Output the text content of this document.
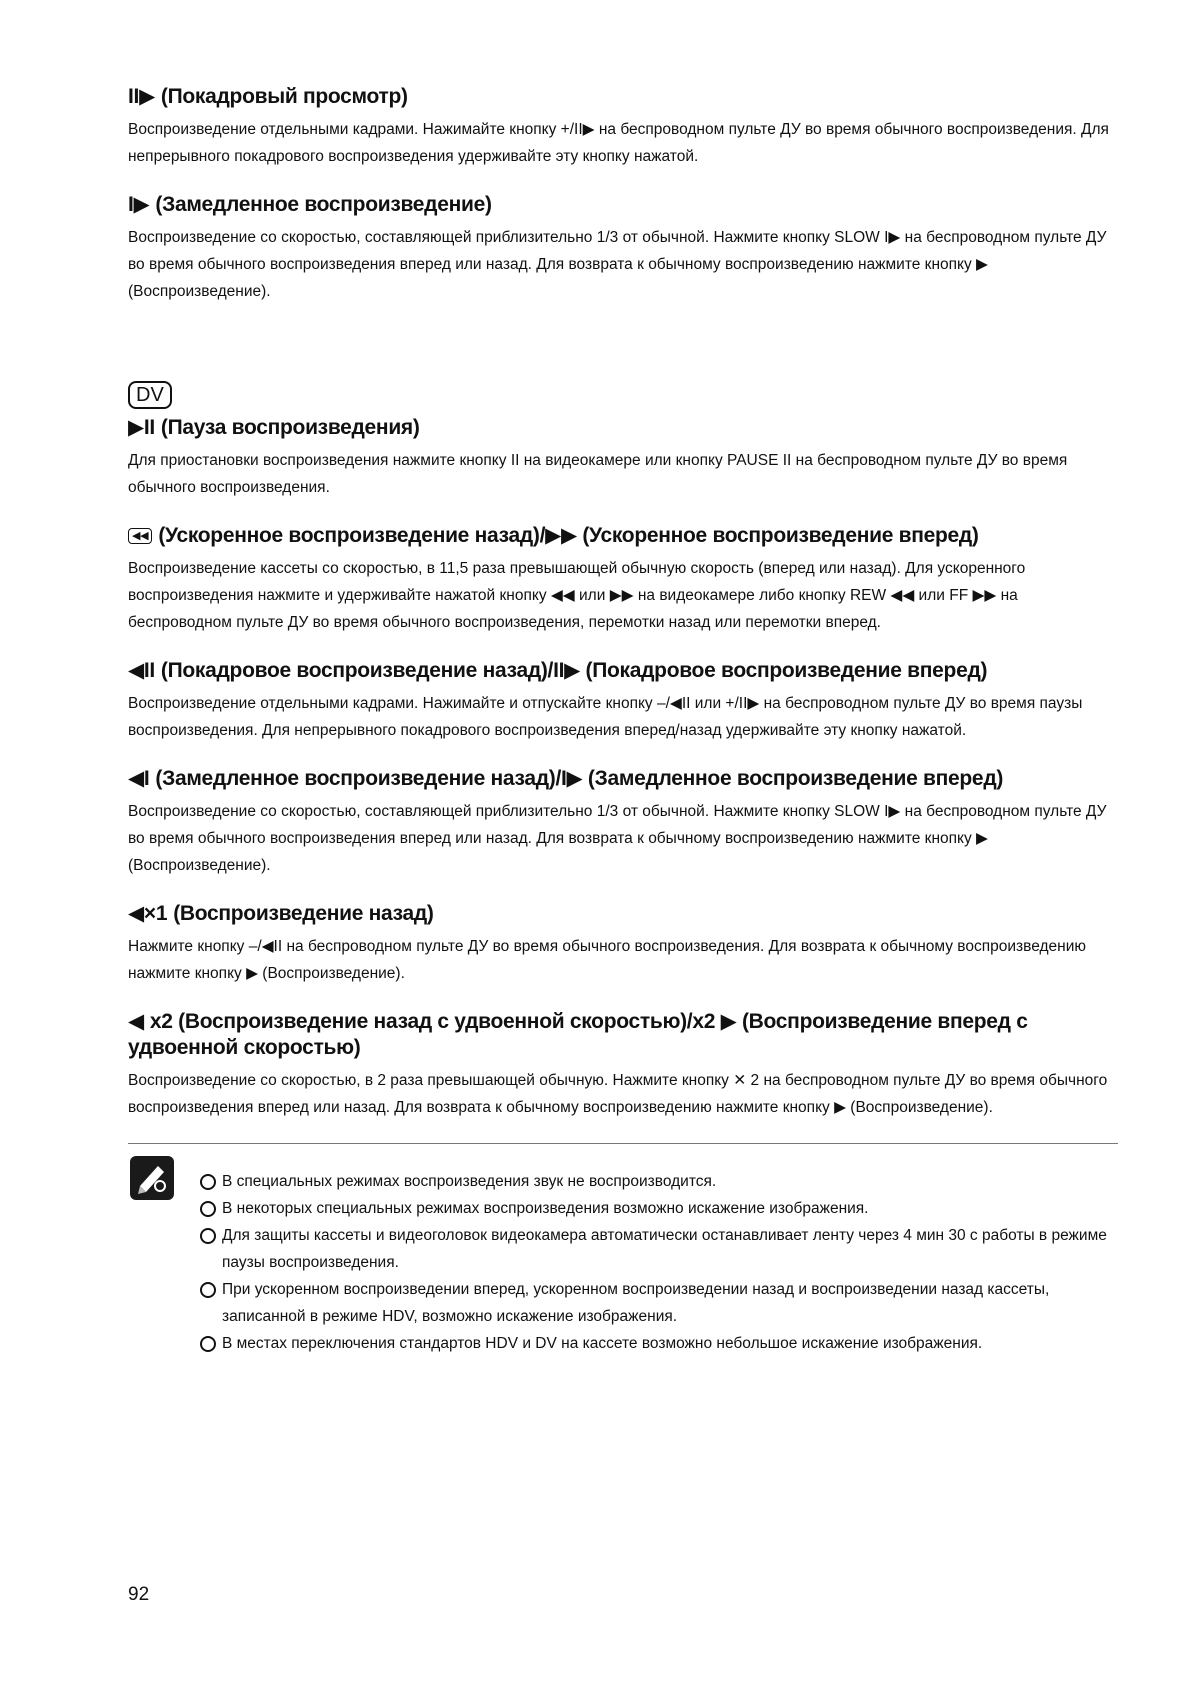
II▶ (Покадровый просмотр)

Воспроизведение отдельными кадрами. Нажимайте кнопку +/II▶ на беспроводном пульте ДУ во время обычного воспроизведения. Для непрерывного покадрового воспроизведения удерживайте эту кнопку нажатой.

I▶ (Замедленное воспроизведение)

Воспроизведение со скоростью, составляющей приблизительно 1/3 от обычной. Нажмите кнопку SLOW I▶ на беспроводном пульте ДУ во время обычного воспроизведения вперед или назад. Для возврата к обычному воспроизведению нажмите кнопку ▶ (Воспроизведение).

DV
▶II (Пауза воспроизведения)

Для приостановки воспроизведения нажмите кнопку II на видеокамере или кнопку PAUSE II на беспроводном пульте ДУ во время обычного воспроизведения.

◀◀ (Ускоренное воспроизведение назад)/▶▶ (Ускоренное воспроизведение вперед)

Воспроизведение кассеты со скоростью, в 11,5 раза превышающей обычную скорость (вперед или назад). Для ускоренного воспроизведения нажмите и удерживайте нажатой кнопку ◀◀ или ▶▶ на видеокамере либо кнопку REW ◀◀ или FF ▶▶ на беспроводном пульте ДУ во время обычного воспроизведения, перемотки назад или перемотки вперед.

◀II (Покадровое воспроизведение назад)/II▶ (Покадровое воспроизведение вперед)

Воспроизведение отдельными кадрами. Нажимайте и отпускайте кнопку –/◀II или +/II▶ на беспроводном пульте ДУ во время паузы воспроизведения. Для непрерывного покадрового воспроизведения вперед/назад удерживайте эту кнопку нажатой.

◀I (Замедленное воспроизведение назад)/I▶ (Замедленное воспроизведение вперед)

Воспроизведение со скоростью, составляющей приблизительно 1/3 от обычной. Нажмите кнопку SLOW I▶ на беспроводном пульте ДУ во время обычного воспроизведения вперед или назад. Для возврата к обычному воспроизведению нажмите кнопку ▶ (Воспроизведение).

◀×1 (Воспроизведение назад)

Нажмите кнопку –/◀II на беспроводном пульте ДУ во время обычного воспроизведения. Для возврата к обычному воспроизведению нажмите кнопку ▶ (Воспроизведение).

◀ x2 (Воспроизведение назад с удвоенной скоростью)/x2 ▶ (Воспроизведение вперед с удвоенной скоростью)

Воспроизведение со скоростью, в 2 раза превышающей обычную. Нажмите кнопку ✕ 2 на беспроводном пульте ДУ во время обычного воспроизведения вперед или назад. Для возврата к обычному воспроизведению нажмите кнопку ▶ (Воспроизведение).

В специальных режимах воспроизведения звук не воспроизводится.
В некоторых специальных режимах воспроизведения возможно искажение изображения.
Для защиты кассеты и видеоголовок видеокамера автоматически останавливает ленту через 4 мин 30 с работы в режиме паузы воспроизведения.
При ускоренном воспроизведении вперед, ускоренном воспроизведении назад и воспроизведении назад кассеты, записанной в режиме HDV, возможно искажение изображения.
В местах переключения стандартов HDV и DV на кассете возможно небольшое искажение изображения.
92
